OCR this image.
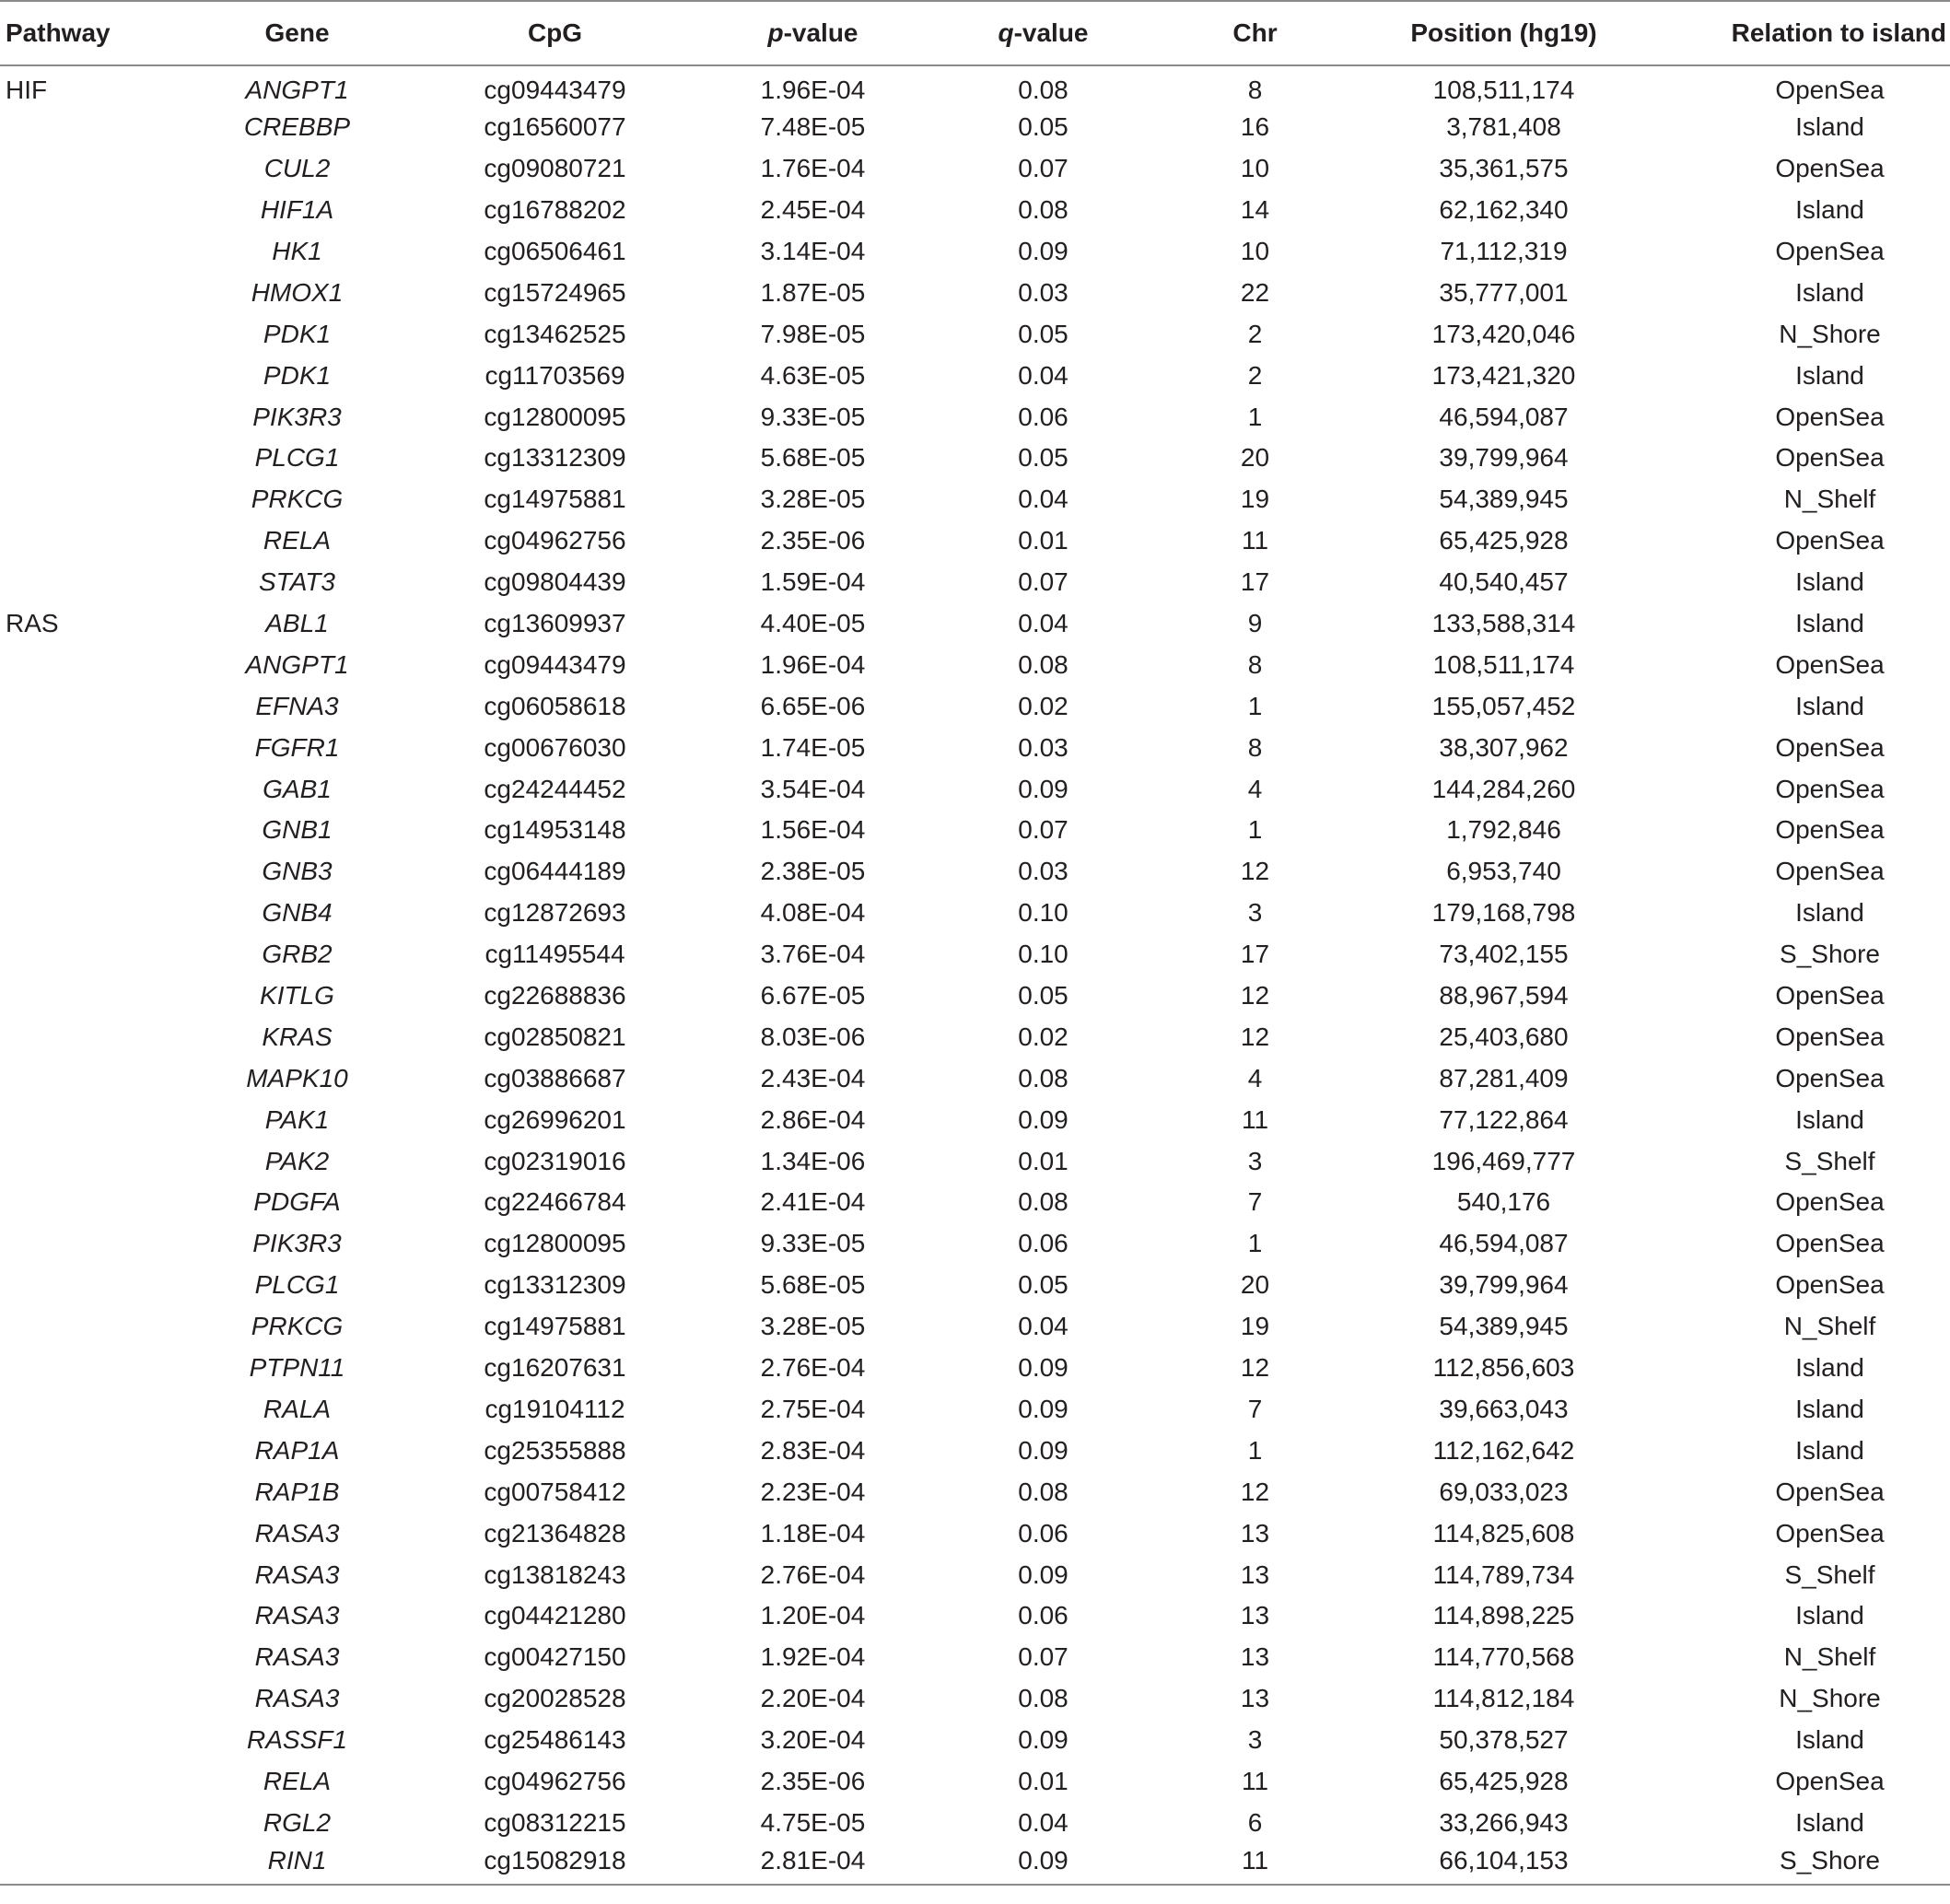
Pathway	Gene	CpG	p-value	q-value	Chr	Position (hg19)	Relation to island
HIF	ANGPT1	cg09443479	1.96E-04	0.08	8	108,511,174	OpenSea
	CREBBP	cg16560077	7.48E-05	0.05	16	3,781,408	Island
	CUL2	cg09080721	1.76E-04	0.07	10	35,361,575	OpenSea
	HIF1A	cg16788202	2.45E-04	0.08	14	62,162,340	Island
	HK1	cg06506461	3.14E-04	0.09	10	71,112,319	OpenSea
	HMOX1	cg15724965	1.87E-05	0.03	22	35,777,001	Island
	PDK1	cg13462525	7.98E-05	0.05	2	173,420,046	N_Shore
	PDK1	cg11703569	4.63E-05	0.04	2	173,421,320	Island
	PIK3R3	cg12800095	9.33E-05	0.06	1	46,594,087	OpenSea
	PLCG1	cg13312309	5.68E-05	0.05	20	39,799,964	OpenSea
	PRKCG	cg14975881	3.28E-05	0.04	19	54,389,945	N_Shelf
	RELA	cg04962756	2.35E-06	0.01	11	65,425,928	OpenSea
	STAT3	cg09804439	1.59E-04	0.07	17	40,540,457	Island
RAS	ABL1	cg13609937	4.40E-05	0.04	9	133,588,314	Island
	ANGPT1	cg09443479	1.96E-04	0.08	8	108,511,174	OpenSea
	EFNA3	cg06058618	6.65E-06	0.02	1	155,057,452	Island
	FGFR1	cg00676030	1.74E-05	0.03	8	38,307,962	OpenSea
	GAB1	cg24244452	3.54E-04	0.09	4	144,284,260	OpenSea
	GNB1	cg14953148	1.56E-04	0.07	1	1,792,846	OpenSea
	GNB3	cg06444189	2.38E-05	0.03	12	6,953,740	OpenSea
	GNB4	cg12872693	4.08E-04	0.10	3	179,168,798	Island
	GRB2	cg11495544	3.76E-04	0.10	17	73,402,155	S_Shore
	KITLG	cg22688836	6.67E-05	0.05	12	88,967,594	OpenSea
	KRAS	cg02850821	8.03E-06	0.02	12	25,403,680	OpenSea
	MAPK10	cg03886687	2.43E-04	0.08	4	87,281,409	OpenSea
	PAK1	cg26996201	2.86E-04	0.09	11	77,122,864	Island
	PAK2	cg02319016	1.34E-06	0.01	3	196,469,777	S_Shelf
	PDGFA	cg22466784	2.41E-04	0.08	7	540,176	OpenSea
	PIK3R3	cg12800095	9.33E-05	0.06	1	46,594,087	OpenSea
	PLCG1	cg13312309	5.68E-05	0.05	20	39,799,964	OpenSea
	PRKCG	cg14975881	3.28E-05	0.04	19	54,389,945	N_Shelf
	PTPN11	cg16207631	2.76E-04	0.09	12	112,856,603	Island
	RALA	cg19104112	2.75E-04	0.09	7	39,663,043	Island
	RAP1A	cg25355888	2.83E-04	0.09	1	112,162,642	Island
	RAP1B	cg00758412	2.23E-04	0.08	12	69,033,023	OpenSea
	RASA3	cg21364828	1.18E-04	0.06	13	114,825,608	OpenSea
	RASA3	cg13818243	2.76E-04	0.09	13	114,789,734	S_Shelf
	RASA3	cg04421280	1.20E-04	0.06	13	114,898,225	Island
	RASA3	cg00427150	1.92E-04	0.07	13	114,770,568	N_Shelf
	RASA3	cg20028528	2.20E-04	0.08	13	114,812,184	N_Shore
	RASSF1	cg25486143	3.20E-04	0.09	3	50,378,527	Island
	RELA	cg04962756	2.35E-06	0.01	11	65,425,928	OpenSea
	RGL2	cg08312215	4.75E-05	0.04	6	33,266,943	Island
	RIN1	cg15082918	2.81E-04	0.09	11	66,104,153	S_Shore
